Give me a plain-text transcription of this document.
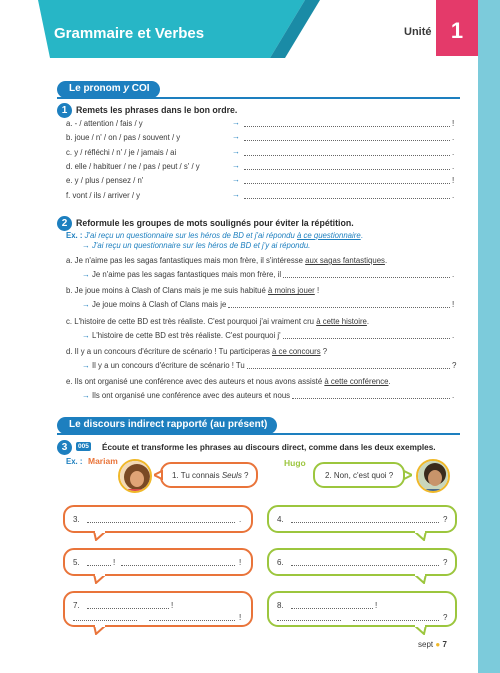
Grammaire et Verbes	Unité 1
Le pronom y COI
1 Remets les phrases dans le bon ordre.
a. - / attention / fais / y	→	!
b. joue / n' / on / pas / souvent / y	→	.
c. y / réfléchi / n' / je / jamais / ai	→	.
d. elle / habituer / ne / pas / peut / s' / y	→	.
e. y / plus / pensez / n'	→	!
f. vont / ils / arriver / y	→	.
2 Reformule les groupes de mots soulignés pour éviter la répétition.
Ex. : J'ai reçu un questionnaire sur les héros de BD et j'ai répondu à ce questionnaire.
→ J'ai reçu un questionnaire sur les héros de BD et j'y ai répondu.
Le discours indirect rapporté (au présent)
3	005 Écoute et transforme les phrases au discours direct, comme dans les deux exemples.
Ex. : Mariam	Hugo
1. Tu connais Seuls ?	2. Non, c'est quoi ?
3.	.	4.	?
5.	!	!	6.	?
7.	!
!
8.	!
?
sept ● 7
a. Je n'aime pas les sagas fantastiques mais mon frère, il s'intéresse aux sagas fantastiques.
→ Je n'aime pas les sagas fantastiques mais mon frère, il	.
b. Je joue moins à Clash of Clans mais je me suis habitué à moins jouer !
→ Je joue moins à Clash of Clans mais je	!
c. L'histoire de cette BD est très réaliste. C'est pourquoi j'ai vraiment cru à cette histoire.
→ L'histoire de cette BD est très réaliste. C'est pourquoi j'	.
d. Il y a un concours d'écriture de scénario ! Tu participeras à ce concours ?
→ Il y a un concours d'écriture de scénario ! Tu	?
e. Ils ont organisé une conférence avec des auteurs et nous avons assisté à cette conférence.
→ Ils ont organisé une conférence avec des auteurs et nous	.
